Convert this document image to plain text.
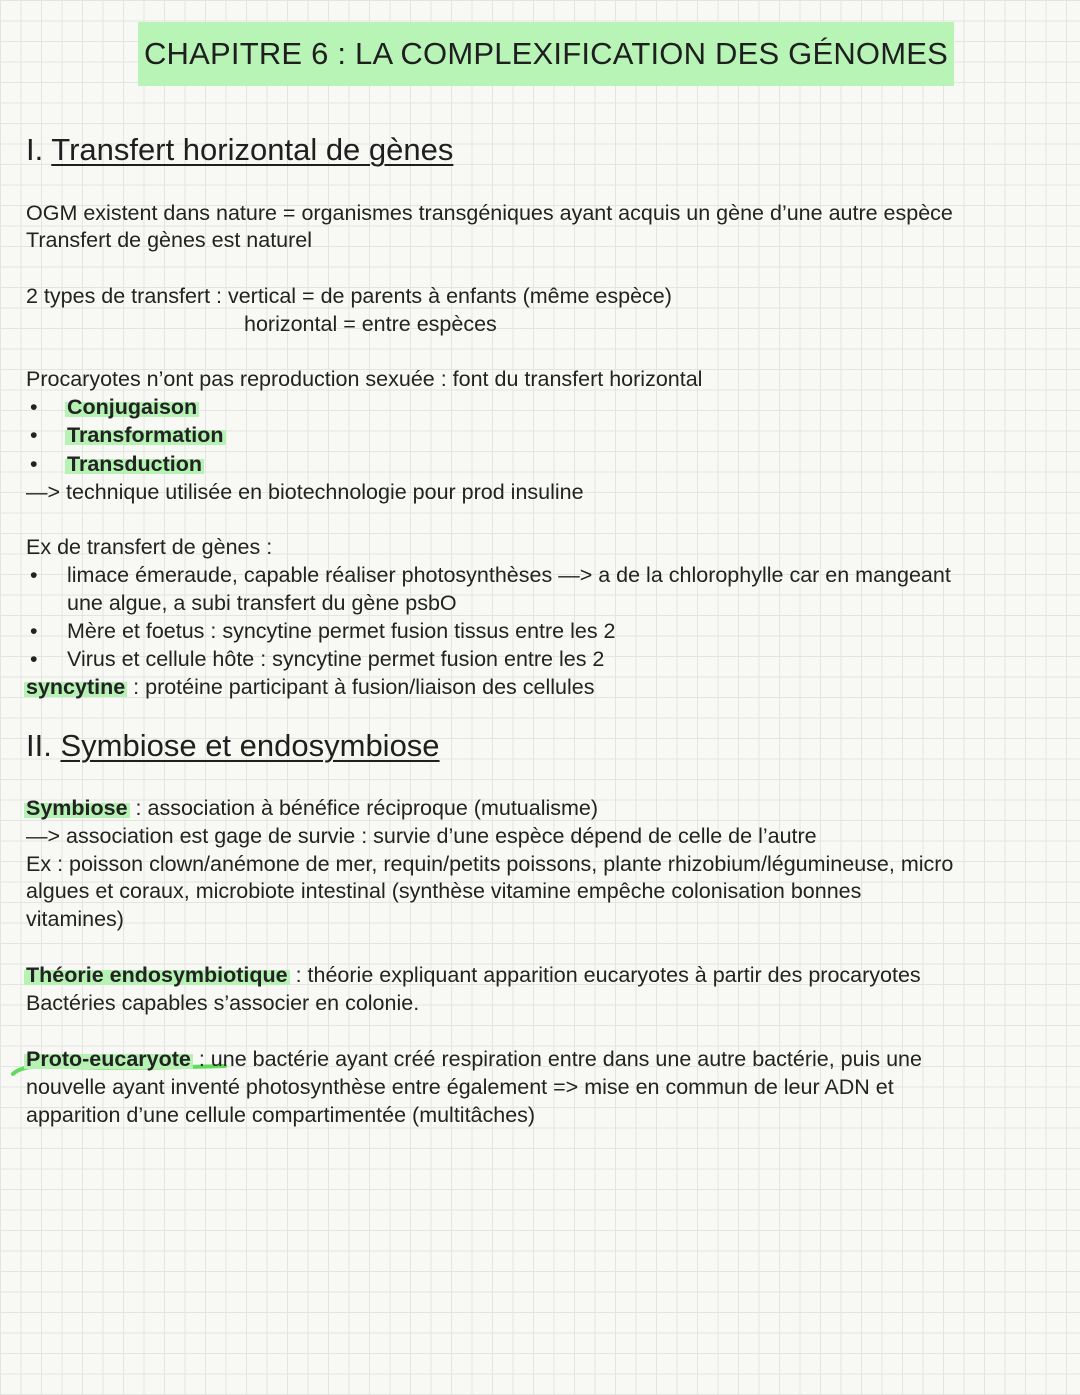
CHAPITRE 6 : LA COMPLEXIFICATION DES GÉNOMES
I. Transfert horizontal de gènes
OGM existent dans nature = organismes transgéniques ayant acquis un gène d’une autre espèce
Transfert de gènes est naturel
2 types de transfert : vertical = de parents à enfants (même espèce)
horizontal = entre espèces
Procaryotes n’ont pas reproduction sexuée : font du transfert horizontal
• Conjugaison
• Transformation
• Transduction
—> technique utilisée en biotechnologie pour prod insuline
Ex de transfert de gènes :
• limace émeraude, capable réaliser photosynthèses —> a de la chlorophylle car en mangeant
une algue, a subi transfert du gène psbO
• Mère et foetus : syncytine permet fusion tissus entre les 2
• Virus et cellule hôte : syncytine permet fusion entre les 2
syncytine : protéine participant à fusion/liaison des cellules
II. Symbiose et endosymbiose
Symbiose : association à bénéfice réciproque (mutualisme)
—> association est gage de survie : survie d’une espèce dépend de celle de l’autre
Ex : poisson clown/anémone de mer, requin/petits poissons, plante rhizobium/légumineuse, micro
algues et coraux, microbiote intestinal (synthèse vitamine empêche colonisation bonnes
vitamines)
Théorie endosymbiotique : théorie expliquant apparition eucaryotes à partir des procaryotes
Bactéries capables s’associer en colonie.
Proto-eucaryote : une bactérie ayant créé respiration entre dans une autre bactérie, puis une
nouvelle ayant inventé photosynthèse entre également => mise en commun de leur ADN et
apparition d’une cellule compartimentée (multitâches)
